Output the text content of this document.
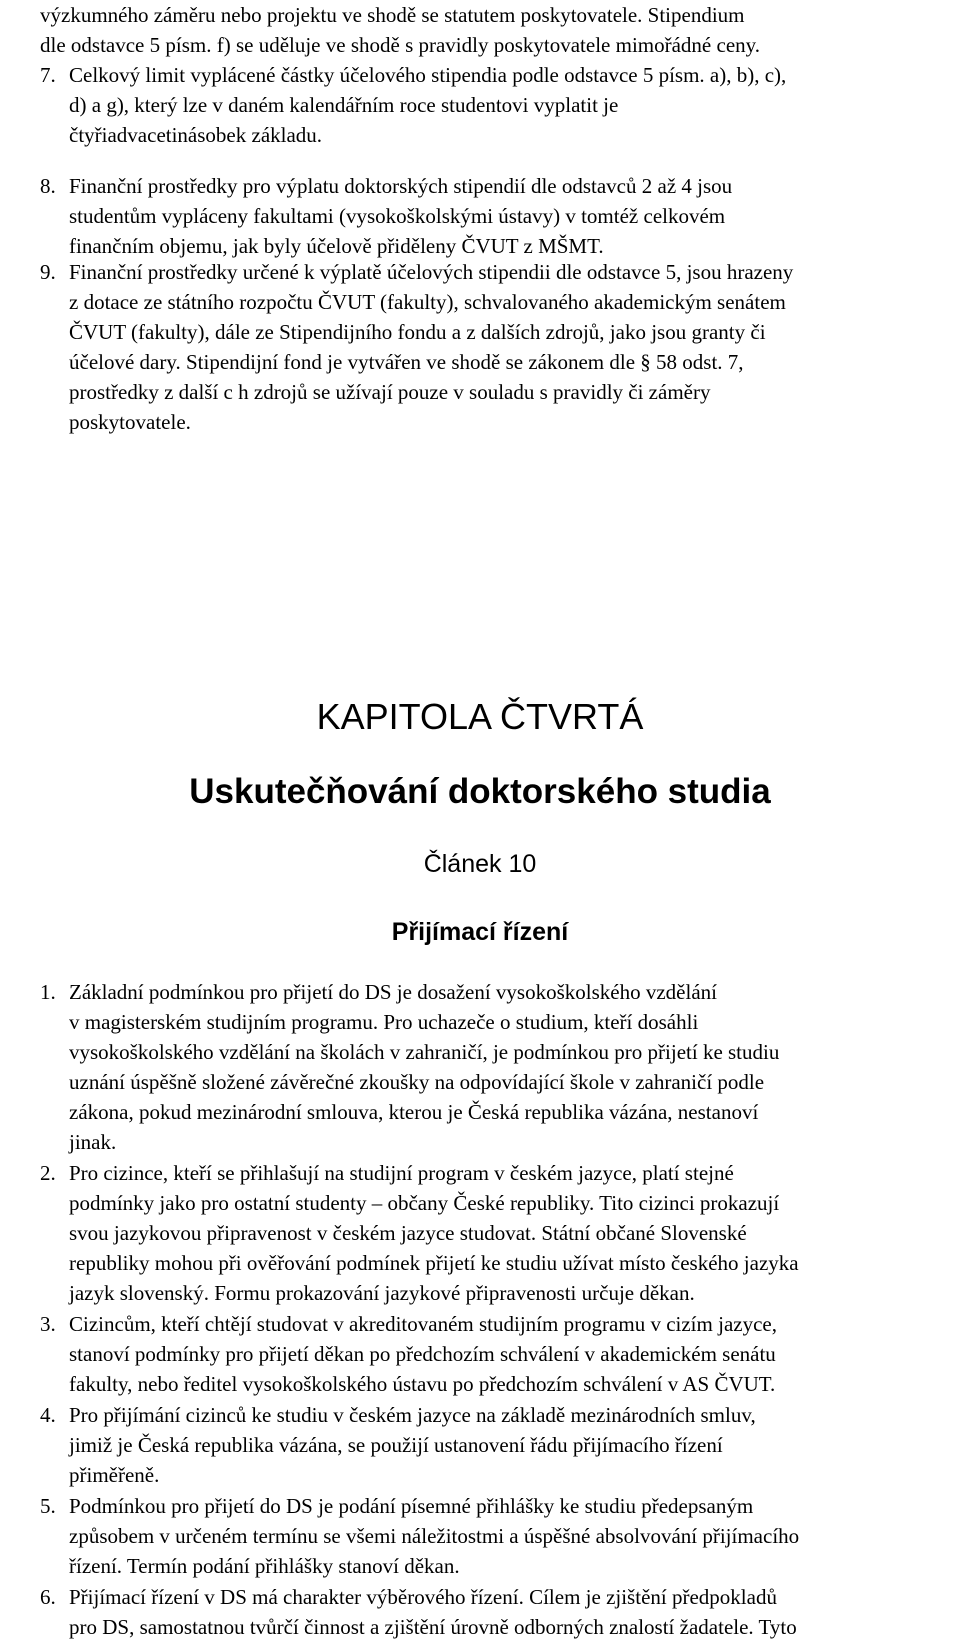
výzkumného záměru nebo projektu ve shodě se statutem poskytovatele. Stipendium
dle odstavce 5 písm. f) se uděluje ve shodě s pravidly poskytovatele mimořádné ceny.
7. Celkový limit vyplácené částky účelového stipendia podle odstavce 5 písm. a), b), c),
d) a g), který lze v daném kalendářním roce studentovi vyplatit je
čtyřiadvacetinásobek základu.
8. Finanční prostředky pro výplatu doktorských stipendií dle odstavců 2 až 4 jsou
studentům vypláceny fakultami (vysokoškolskými ústavy) v tomtéž celkovém
finančním objemu, jak byly účelově přiděleny ČVUT z MŠMT.
9. Finanční prostředky určené k výplatě účelových stipendii dle odstavce 5, jsou hrazeny
z dotace ze státního rozpočtu ČVUT (fakulty), schvalovaného akademickým senátem
ČVUT (fakulty), dále ze Stipendijního fondu a z dalších zdrojů, jako jsou granty či
účelové dary. Stipendijní fond je vytvářen ve shodě se zákonem dle § 58 odst. 7,
prostředky z další c h zdrojů se užívají pouze v souladu s pravidly či záměry
poskytovatele.
KAPITOLA ČTVRTÁ
Uskutečňování doktorského studia
Článek 10
Přijímací řízení
1. Základní podmínkou pro přijetí do DS je dosažení vysokoškolského vzdělání
v magisterském studijním programu. Pro uchazeče o studium, kteří dosáhli
vysokoškolského vzdělání na školách v zahraničí, je podmínkou pro přijetí ke studiu
uznání úspěšně složené závěrečné zkoušky na odpovídající škole v zahraničí podle
zákona, pokud mezinárodní smlouva, kterou je Česká republika vázána, nestanoví
jinak.
2. Pro cizince, kteří se přihlašují na studijní program v českém jazyce, platí stejné
podmínky jako pro ostatní studenty – občany České republiky. Tito cizinci prokazují
svou jazykovou připravenost v českém jazyce studovat. Státní občané Slovenské
republiky mohou při ověřování podmínek přijetí ke studiu užívat místo českého jazyka
jazyk slovenský. Formu prokazování jazykové připravenosti určuje děkan.
3. Cizincům, kteří chtějí studovat v akreditovaném studijním programu v cizím jazyce,
stanoví podmínky pro přijetí děkan po předchozím schválení v akademickém senátu
fakulty, nebo ředitel vysokoškolského ústavu po předchozím schválení v AS ČVUT.
4. Pro přijímání cizinců ke studiu v českém jazyce na základě mezinárodních smluv,
jimiž je Česká republika vázána, se použijí ustanovení řádu přijímacího řízení
přiměřeně.
5. Podmínkou pro přijetí do DS je podání písemné přihlášky ke studiu předepsaným
způsobem v určeném termínu se všemi náležitostmi a úspěšné absolvování přijímacího
řízení. Termín podání přihlášky stanoví děkan.
6. Přijímací řízení v DS má charakter výběrového řízení. Cílem je zjištění předpokladů
pro DS, samostatnou tvůrčí činnost a zjištění úrovně odborných znalostí žadatele. Tyto
